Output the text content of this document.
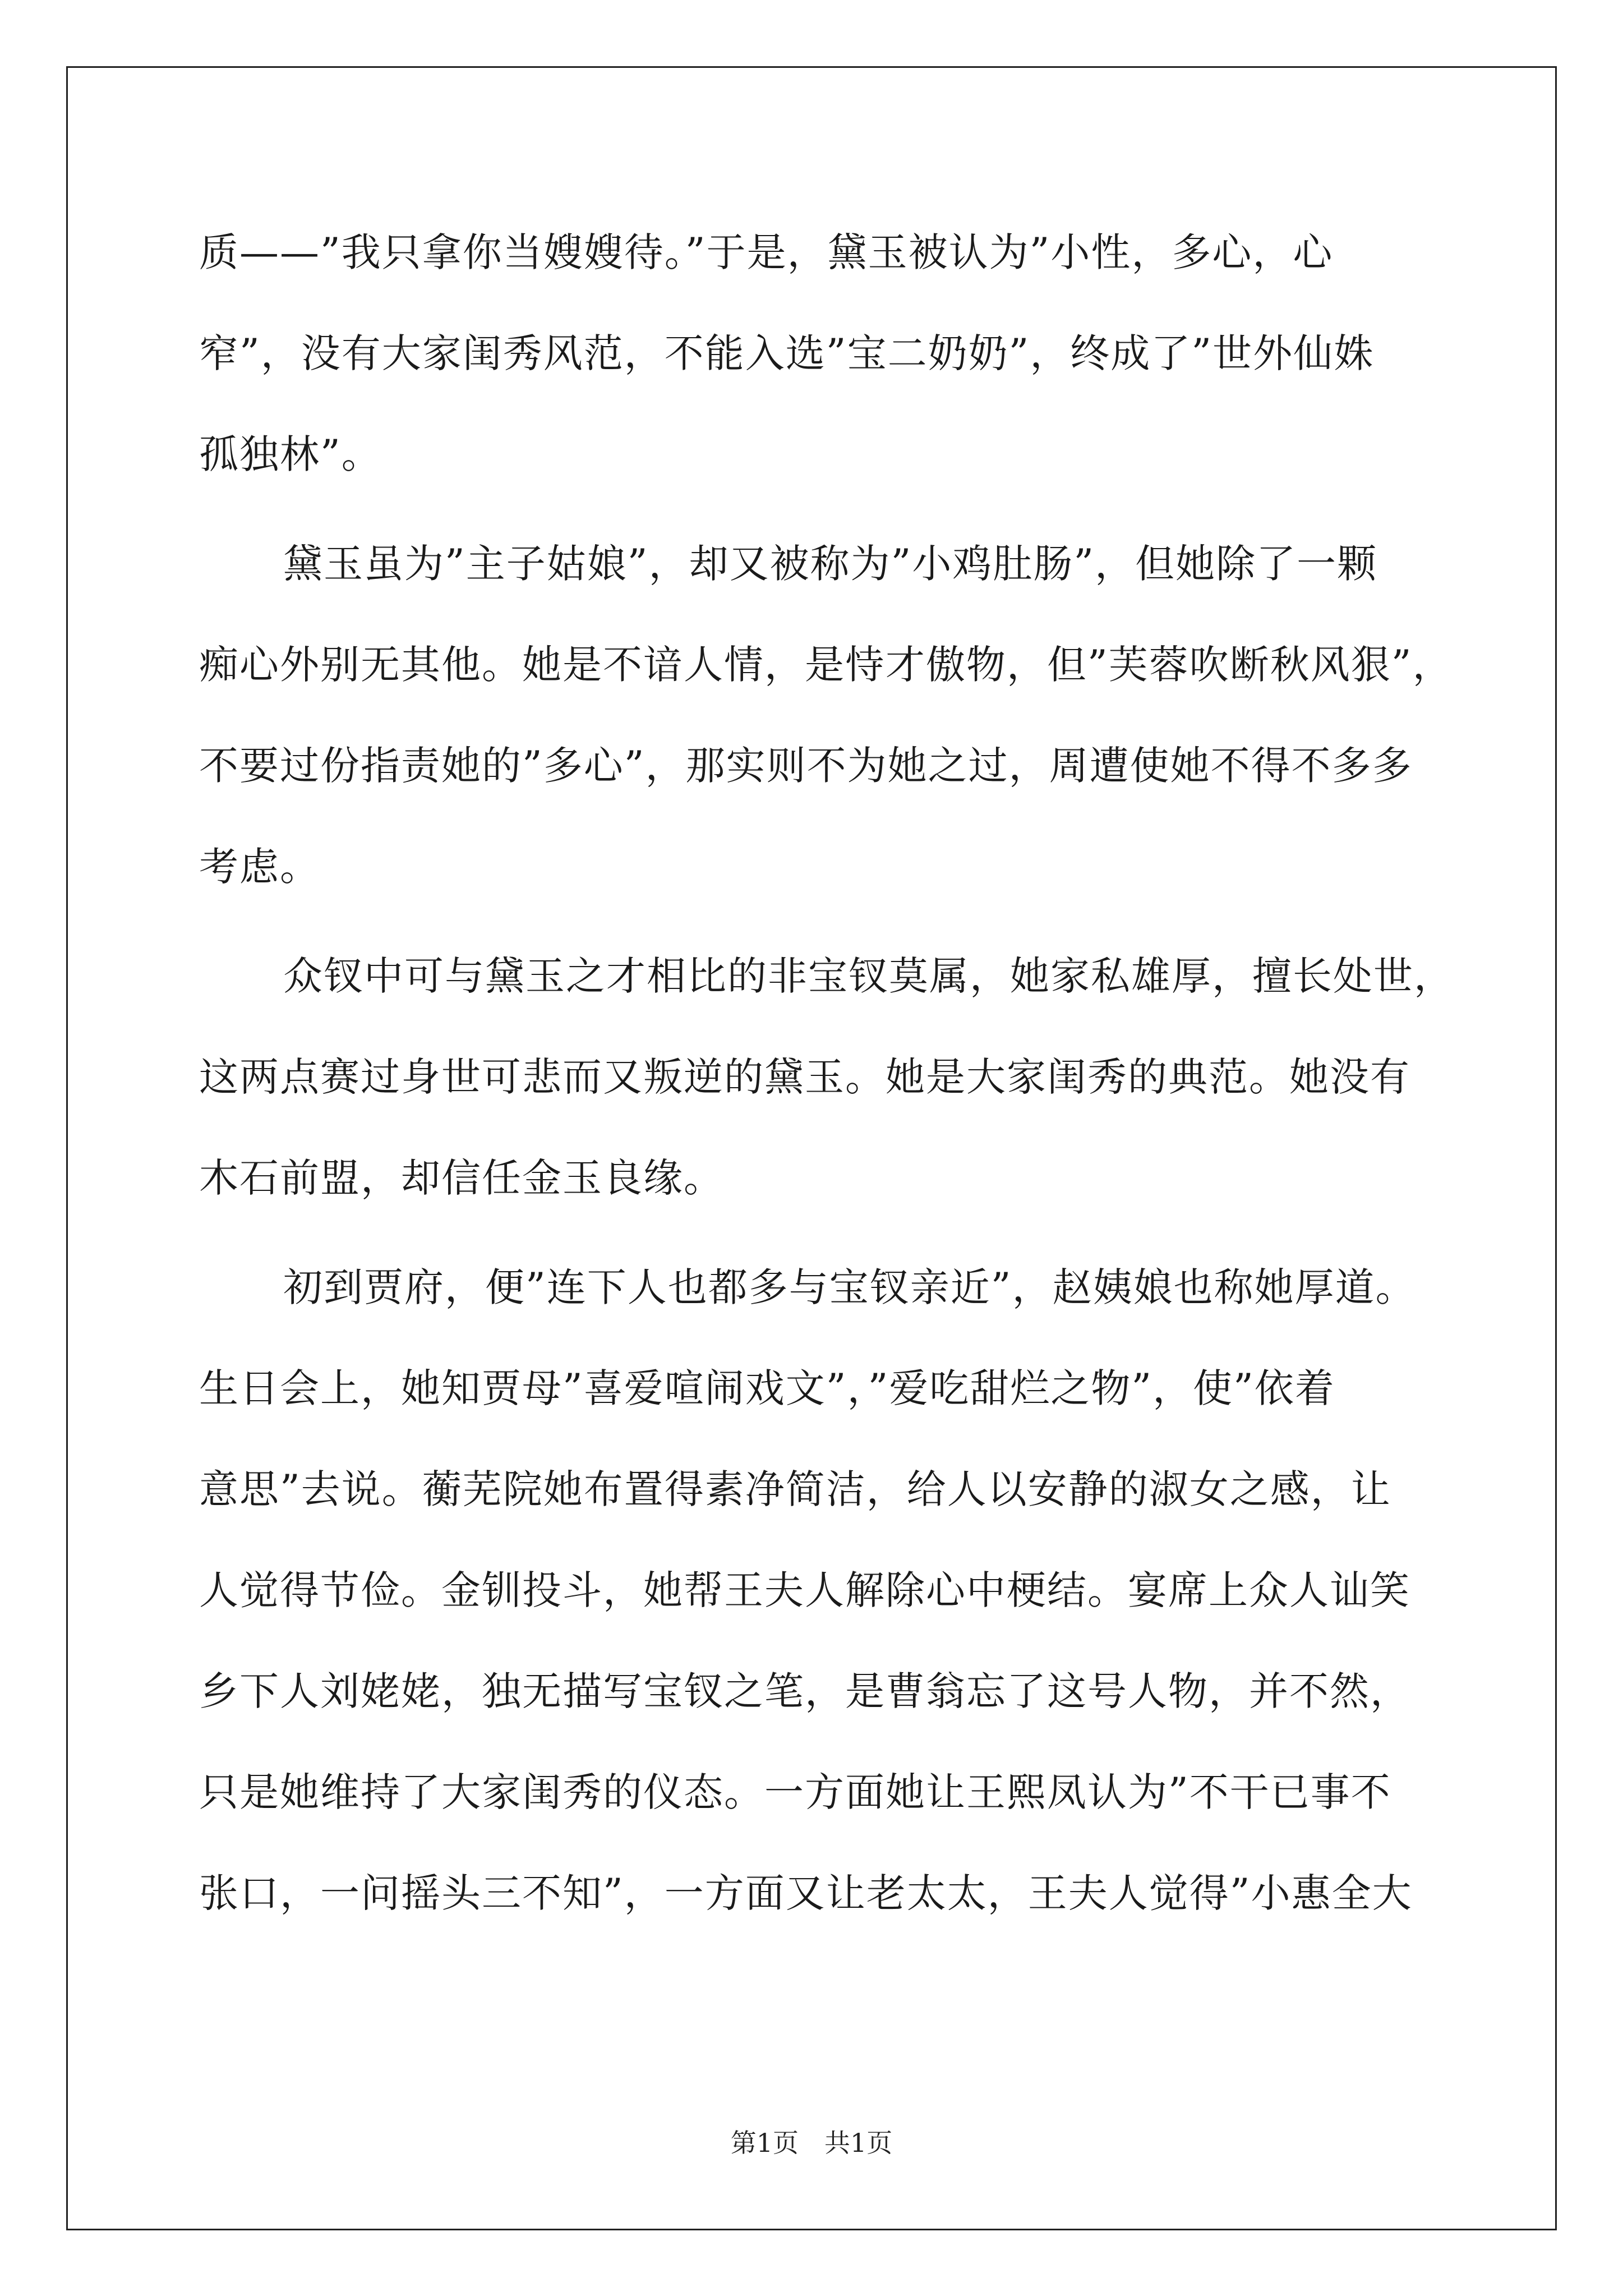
质——”我只拿你当嫂嫂待。”于是，黛玉被认为”小性，多心，心
窄”，没有大家闺秀风范，不能入选”宝二奶奶”，终成了”世外仙姝
孤独林”。
黛玉虽为”主子姑娘”，却又被称为”小鸡肚肠”，但她除了一颗
痴心外别无其他。她是不谙人情，是恃才傲物，但”芙蓉吹断秋风狠”，
不要过份指责她的”多心”，那实则不为她之过，周遭使她不得不多多
考虑。
众钗中可与黛玉之才相比的非宝钗莫属，她家私雄厚，擅长处世，
这两点赛过身世可悲而又叛逆的黛玉。她是大家闺秀的典范。她没有
木石前盟，却信任金玉良缘。
初到贾府，便”连下人也都多与宝钗亲近”，赵姨娘也称她厚道。
生日会上，她知贾母”喜爱喧闹戏文”，”爱吃甜烂之物”，使”依着
意思”去说。蘅芜院她布置得素净简洁，给人以安静的淑女之感，让
人觉得节俭。金钏投斗，她帮王夫人解除心中梗结。宴席上众人讪笑
乡下人刘姥姥，独无描写宝钗之笔，是曹翁忘了这号人物，并不然，
只是她维持了大家闺秀的仪态。一方面她让王熙凤认为”不干已事不
张口，一问摇头三不知”，一方面又让老太太，王夫人觉得”小惠全大
第1页　共1页
